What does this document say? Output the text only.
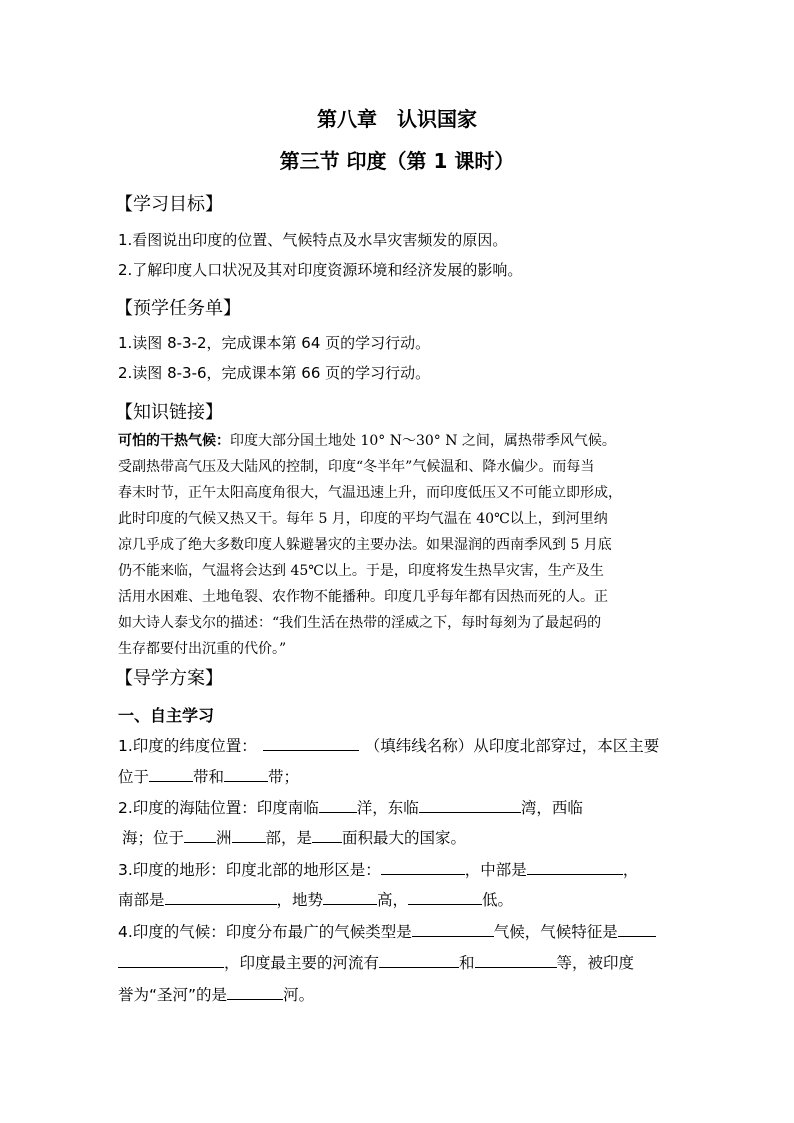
第八章　认识国家
第三节 印度（第 1 课时）
【学习目标】
1.看图说出印度的位置、气候特点及水旱灾害频发的原因。
2.了解印度人口状况及其对印度资源环境和经济发展的影响。
【预学任务单】
1.读图 8-3-2，完成课本第 64 页的学习行动。
2.读图 8-3-6，完成课本第 66 页的学习行动。
【知识链接】
可怕的干热气候：印度大部分国土地处 10° N～30° N 之间，属热带季风气候。
受副热带高气压及大陆风的控制，印度“冬半年”气候温和、降水偏少。而每当
春末时节，正午太阳高度角很大，气温迅速上升，而印度低压又不可能立即形成，
此时印度的气候又热又干。每年 5 月，印度的平均气温在 40℃以上，到河里纳
凉几乎成了绝大多数印度人躲避暑灾的主要办法。如果湿润的西南季风到 5 月底
仍不能来临，气温将会达到 45℃以上。于是，印度将发生热旱灾害，生产及生
活用水困难、土地龟裂、农作物不能播种。印度几乎每年都有因热而死的人。正
如大诗人泰戈尔的描述：“我们生活在热带的淫威之下，每时每刻为了最起码的
生存都要付出沉重的代价。”
【导学方案】
一、自主学习
1.印度的纬度位置：	（填纬线名称）从印度北部穿过，本区主要
位于	带和	带；
2.印度的海陆位置：印度南临 洋，东临	湾，西临
海；位于 洲 部，是 面积最大的国家。
3.印度的地形：印度北部的地形区是：	，中部是	，
南部是	，地势	高，	低。
4.印度的气候：印度分布最广的气候类型是	气候，气候特征是
，印度最主要的河流有	和	等，被印度
誉为“圣河”的是	河。
